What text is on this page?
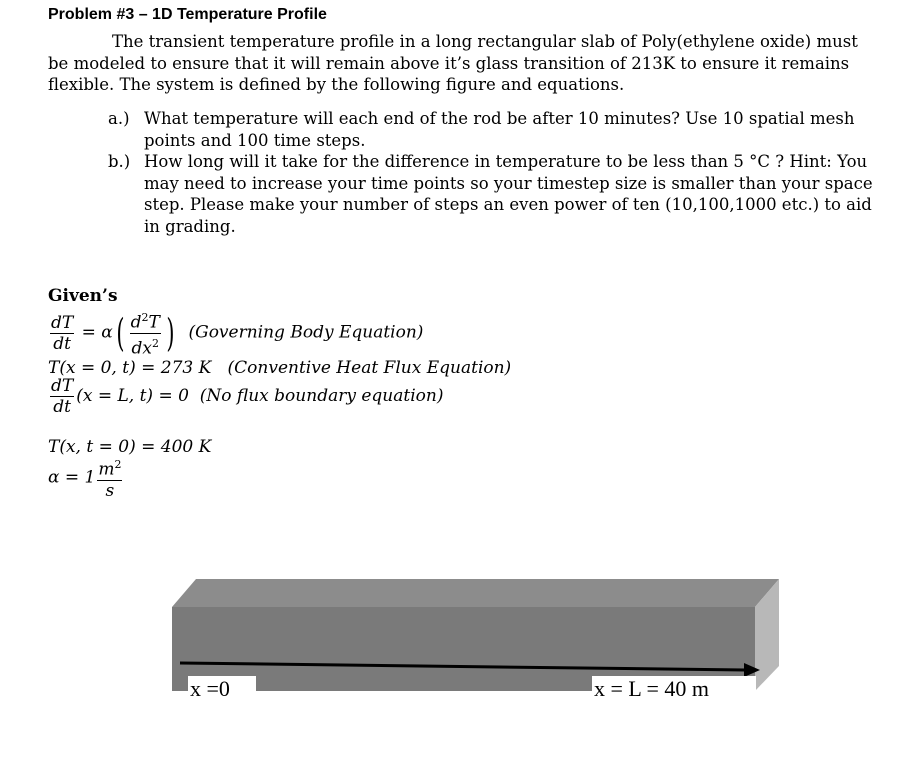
Problem #3 – 1D Temperature Profile
The transient temperature profile in a long rectangular slab of Poly(ethylene oxide) must be modeled to ensure that it will remain above it’s glass transition of 213K to ensure it remains flexible. The system is defined by the following figure and equations.
a.) What temperature will each end of the rod be after 10 minutes? Use 10 spatial mesh points and 100 time steps.
b.) How long will it take for the difference in temperature to be less than 5 °C ? Hint: You may need to increase your time points so your timestep size is smaller than your space step. Please make your number of steps an even power of ten (10,100,1000 etc.) to aid in grading.
Given’s
$\frac{dT}{dt} = \alpha( \frac{d^2T}{dx^2}$ ) (Governing Body Equation)
T(x = 0, t) = 273 K (Conventive Heat Flux Equation)
$\frac{dT}{dt} (x = L$, t) = 0 (No flux boundary equation)
T(x, t = 0) = 400 K
$\alpha = 1 \frac{m^2}{s}$
x =0	x = L = 40 m
